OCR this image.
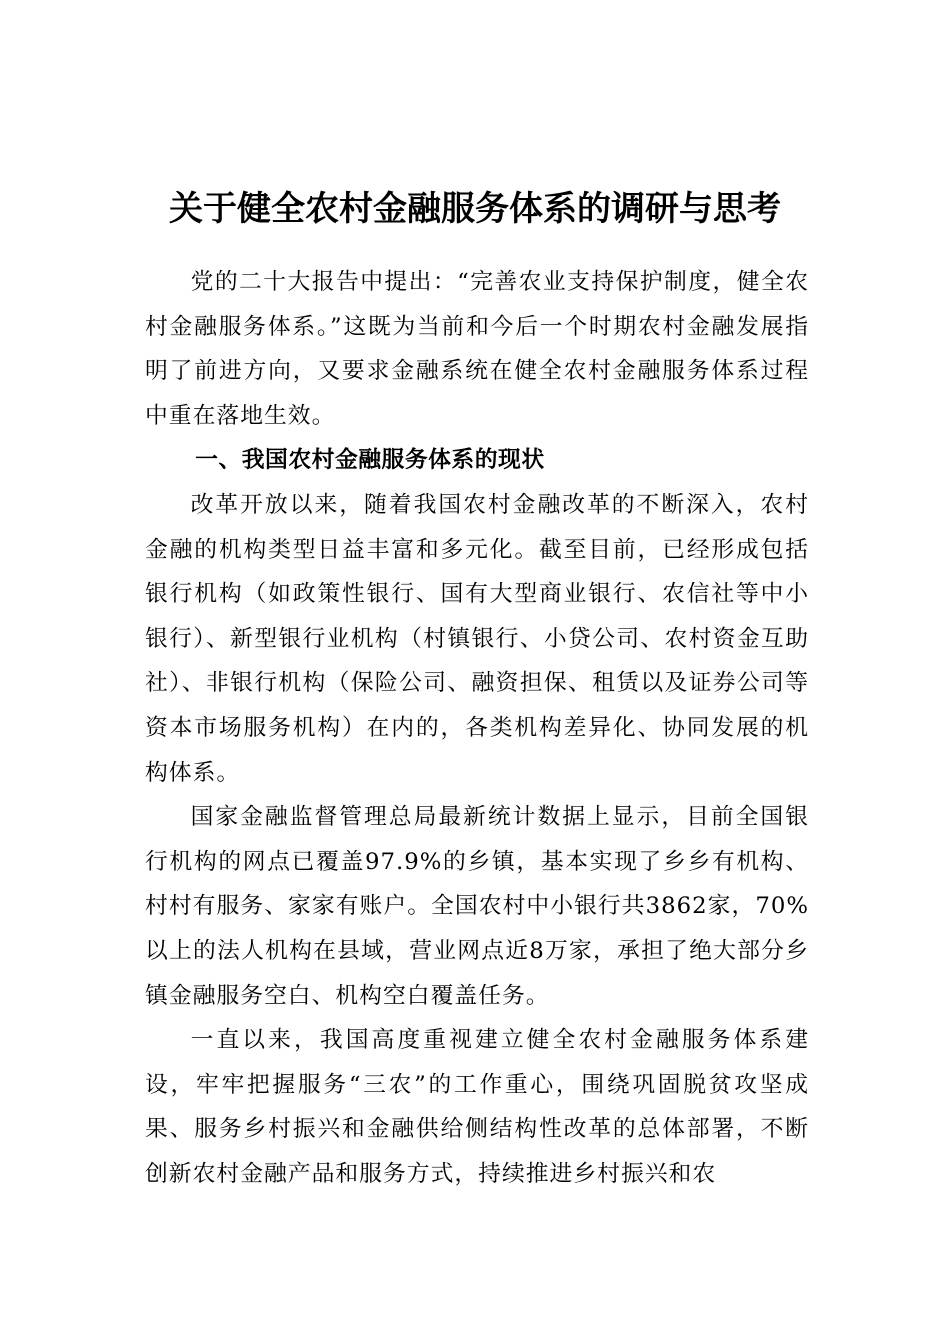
关于健全农村金融服务体系的调研与思考

党的二十大报告中提出：“完善农业支持保护制度，健全农村金融服务体系。”这既为当前和今后一个时期农村金融发展指明了前进方向，又要求金融系统在健全农村金融服务体系过程中重在落地生效。

一、我国农村金融服务体系的现状

改革开放以来，随着我国农村金融改革的不断深入，农村金融的机构类型日益丰富和多元化。截至目前，已经形成包括银行机构（如政策性银行、国有大型商业银行、农信社等中小银行）、新型银行业机构（村镇银行、小贷公司、农村资金互助社）、非银行机构（保险公司、融资担保、租赁以及证券公司等资本市场服务机构）在内的，各类机构差异化、协同发展的机构体系。

国家金融监督管理总局最新统计数据上显示，目前全国银行机构的网点已覆盖97.9%的乡镇，基本实现了乡乡有机构、村村有服务、家家有账户。全国农村中小银行共3862家，70%以上的法人机构在县域，营业网点近8万家，承担了绝大部分乡镇金融服务空白、机构空白覆盖任务。

一直以来，我国高度重视建立健全农村金融服务体系建设，牢牢把握服务“三农”的工作重心，围绕巩固脱贫攻坚成果、服务乡村振兴和金融供给侧结构性改革的总体部署，不断创新农村金融产品和服务方式，持续推进乡村振兴和农
